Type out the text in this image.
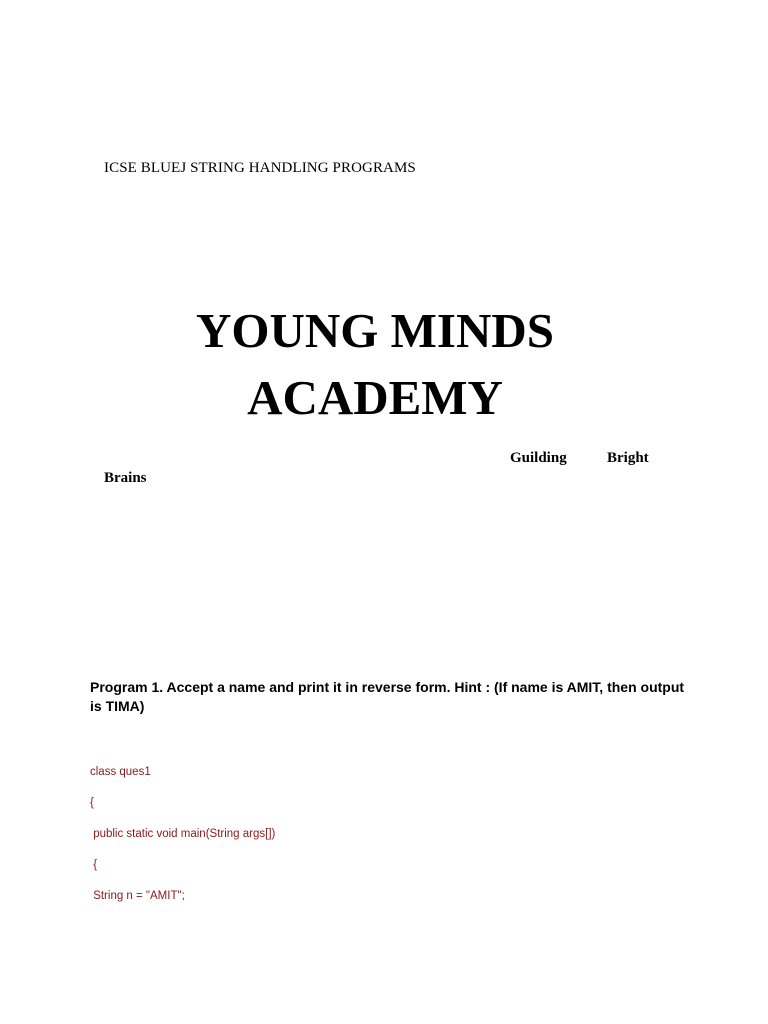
ICSE BLUEJ STRING HANDLING PROGRAMS
YOUNG MINDS
ACADEMY
Guilding	Bright
Brains
Program 1. Accept a name and print it in reverse form. Hint : (If name is AMIT, then output is TIMA)
class ques1
{
public static void main(String args[])
{
String n = "AMIT";
